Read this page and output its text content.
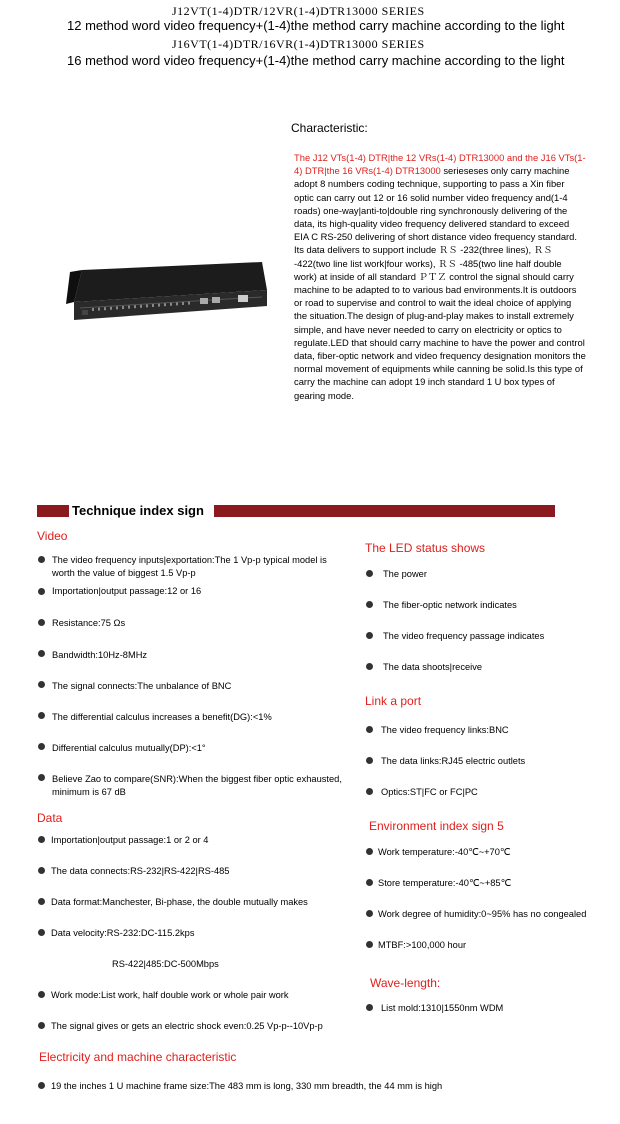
J12VT(1-4)DTR/12VR(1-4)DTR13000 SERIES
12 method word video frequency+(1-4)the method carry machine according to the light
J16VT(1-4)DTR/16VR(1-4)DTR13000 SERIES
16 method word video frequency+(1-4)the method carry machine according to the light
Characteristic:
The J12 VTs(1-4) DTR|the 12 VRs(1-4) DTR13000 and the J16 VTs(1-4) DTR|the 16 VRs(1-4) DTR13000 serieseses only carry machine adopt 8 numbers coding technique, supporting to pass a Xin fiber optic can carry out 12 or 16 solid number video frequency and(1-4 roads) one-way|anti-to|double ring synchronously delivering of the data, its high-quality video frequency delivered standard to exceed EIA C RS-250 delivering of short distance video frequency standard. Its data delivers to support include ＲＳ -232(three lines), ＲＳ -422(two line list work|four works), ＲＳ -485(two line half double work) at inside of all standard ＰＴＺ control the signal should carry machine to be adapted to to various bad environments.It is outdoors or road to supervise and control to wait the ideal choice of applying the situation.The design of plug-and-play makes to install extremely simple, and have never needed to carry on electricity or optics to regulate.LED that should carry machine to have the power and control data, fiber-optic network and video frequency designation monitors the normal movement of equipments while canning be solid.Is this type of carry the machine can adopt 19 inch standard 1 U box types of gearing mode.
Technique index sign
Video
The video frequency inputs|exportation:The 1 Vp-p typical model is worth the value of biggest 1.5 Vp-p
Importation|output passage:12 or 16
Resistance:75 Ωs
Bandwidth:10Hz-8MHz
The signal connects:The unbalance of BNC
The differential calculus increases a benefit(DG):<1%
Differential calculus mutually(DP):<1°
Believe Zao to compare(SNR):When the biggest fiber optic exhausted, minimum is 67 dB
Data
Importation|output passage:1 or 2 or 4
The data connects:RS-232|RS-422|RS-485
Data format:Manchester, Bi-phase, the double mutually makes
Data velocity:RS-232:DC-115.2kps
RS-422|485:DC-500Mbps
Work mode:List work, half double work or whole pair work
The signal gives or gets an electric shock even:0.25 Vp-p--10Vp-p
The LED status shows
The power
The fiber-optic network indicates
The video frequency passage indicates
The data shoots|receive
Link a port
The video frequency links:BNC
The data links:RJ45 electric outlets
Optics:ST|FC or FC|PC
Environment index sign 5
Work temperature:-40℃~+70℃
Store temperature:-40℃~+85℃
Work degree of humidity:0~95% has no congealed
MTBF:>100,000 hour
Wave-length:
List mold:1310|1550nm WDM
Electricity and machine characteristic
19 the inches 1 U machine frame size:The 483 mm is long, 330 mm breadth, the 44 mm is high
